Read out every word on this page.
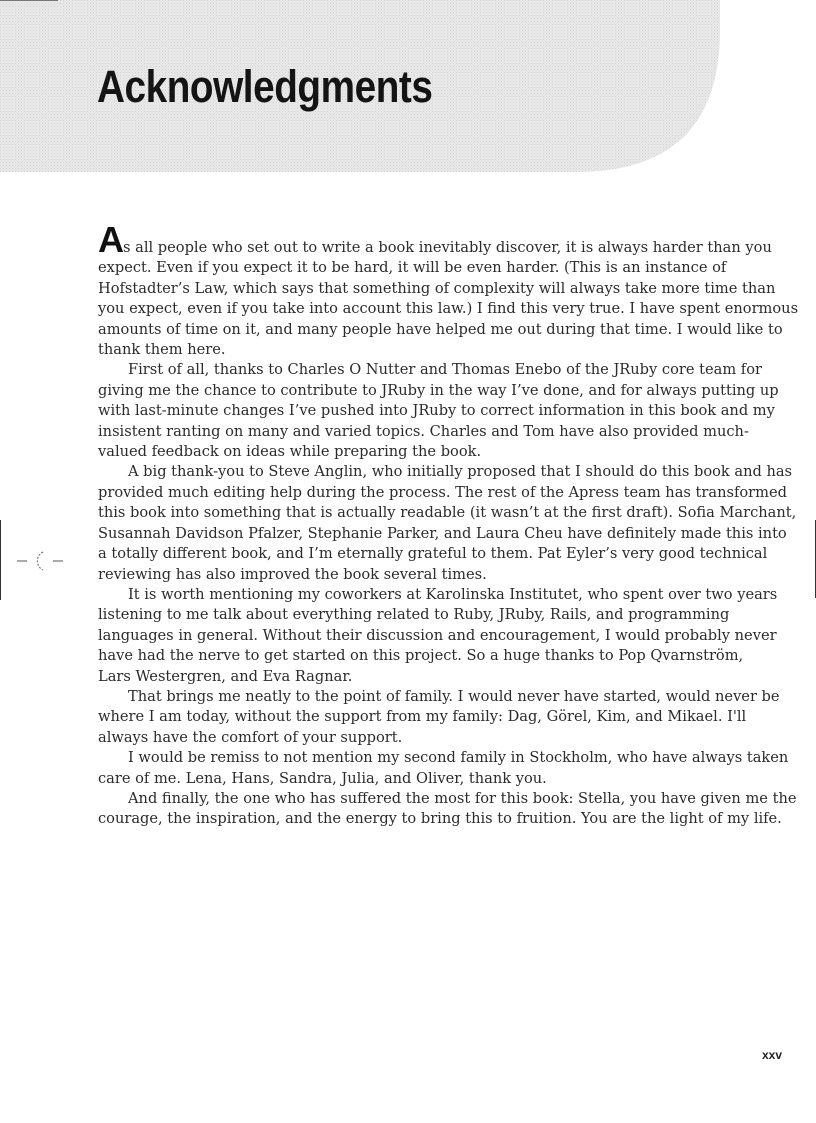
Acknowledgments

As all people who set out to write a book inevitably discover, it is always harder than you
expect. Even if you expect it to be hard, it will be even harder. (This is an instance of
Hofstadter’s Law, which says that something of complexity will always take more time than
you expect, even if you take into account this law.) I find this very true. I have spent enormous
amounts of time on it, and many people have helped me out during that time. I would like to
thank them here.

First of all, thanks to Charles O Nutter and Thomas Enebo of the JRuby core team for
giving me the chance to contribute to JRuby in the way I’ve done, and for always putting up
with last-minute changes I’ve pushed into JRuby to correct information in this book and my
insistent ranting on many and varied topics. Charles and Tom have also provided much-
valued feedback on ideas while preparing the book.

A big thank-you to Steve Anglin, who initially proposed that I should do this book and has
provided much editing help during the process. The rest of the Apress team has transformed
this book into something that is actually readable (it wasn’t at the first draft). Sofia Marchant,
Susannah Davidson Pfalzer, Stephanie Parker, and Laura Cheu have definitely made this into
a totally different book, and I’m eternally grateful to them. Pat Eyler’s very good technical
reviewing has also improved the book several times.

It is worth mentioning my coworkers at Karolinska Institutet, who spent over two years
listening to me talk about everything related to Ruby, JRuby, Rails, and programming
languages in general. Without their discussion and encouragement, I would probably never
have had the nerve to get started on this project. So a huge thanks to Pop Qvarnström,
Lars Westergren, and Eva Ragnar.

That brings me neatly to the point of family. I would never have started, would never be
where I am today, without the support from my family: Dag, Görel, Kim, and Mikael. I'll
always have the comfort of your support.

I would be remiss to not mention my second family in Stockholm, who have always taken
care of me. Lena, Hans, Sandra, Julia, and Oliver, thank you.

And finally, the one who has suffered the most for this book: Stella, you have given me the
courage, the inspiration, and the energy to bring this to fruition. You are the light of my life.

xxv
